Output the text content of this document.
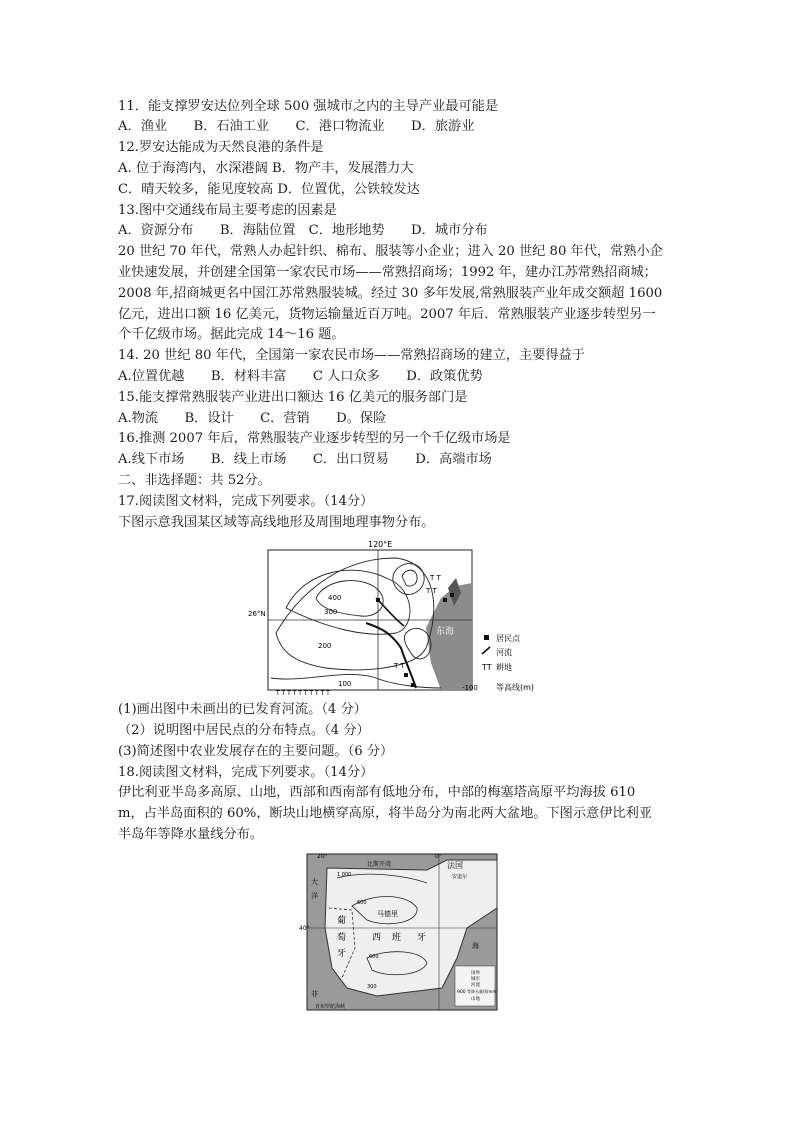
11．能支撑罗安达位列全球 500 强城市之内的主导产业最可能是
A．渔业　　B．石油工业　　C．港口物流业　　D．旅游业
12.罗安达能成为天然良港的条件是
A. 位于海湾内，水深港阔 B．物产丰，发展潜力大
C．晴天较多，能见度较高 D．位置优，公铁较发达
13.图中交通线布局主要考虑的因素是
A．资源分布　　B．海陆位置　C．地形地势　　D．城市分布
20 世纪 70 年代，常熟人办起针织、棉布、服装等小企业；进入 20 世纪 80 年代，常熟小企
业快速发展，并创建全国第一家农民市场——常熟招商场；1992 年，建办江苏常熟招商城；
2008 年,招商城更名中国江苏常熟服装城。经过 30 多年发展,常熟服装产业年成交额超 1600
亿元，进出口额 16 亿美元，货物运输量近百万吨。2007 年后．常熟服装产业逐步转型另一
个千亿级市场。据此完成 14～16 题。
14. 20 世纪 80 年代，全国第一家农民市场——常熟招商场的建立，主要得益于
A.位置优越　　B．材料丰富　　C 人口众多　　D．政策优势
15.能支撑常熟服装产业进出口额达 16 亿美元的服务部门是
A.物流　　B．设计　　C．营销　　D。保险
16.推测 2007 年后，常熟服装产业逐步转型的另一个千亿级市场是
A.线下市场　　B．线上市场　　C．出口贸易　　D．高端市场
二、非选择题：共 52分。
17.阅读图文材料，完成下列要求。（14分）
下图示意我国某区域等高线地形及周围地理事物分布。
120°E
26°N
400
300
200
100
东海
T T
T T
T T
T T T T T T T T T T
居民点
河流
TT 耕地
-100 等高线(m)
(1)画出图中未画出的已发育河流。（4 分）
（2）说明图中居民点的分布特点。（4 分）
(3)简述图中农业发展存在的主要问题。（6 分）
18.阅读图文材料，完成下列要求。（14分）
伊比利亚半岛多高原、山地，西部和西南部有低地分布，中部的梅塞塔高原平均海拔 610
m，占半岛面积的 60%，断块山地横穿高原，将半岛分为南北两大盆地。下图示意伊比利亚
半岛年等降水量线分布。
20°	0°
40°
比斯开湾	法国
安道尔
马德里
葡
萄
牙
西 班 牙
大
洋
海
直布罗陀海峡
非
1 000
600
600
300
国界
城市
河流
900 等降水量线(mm)
山地
